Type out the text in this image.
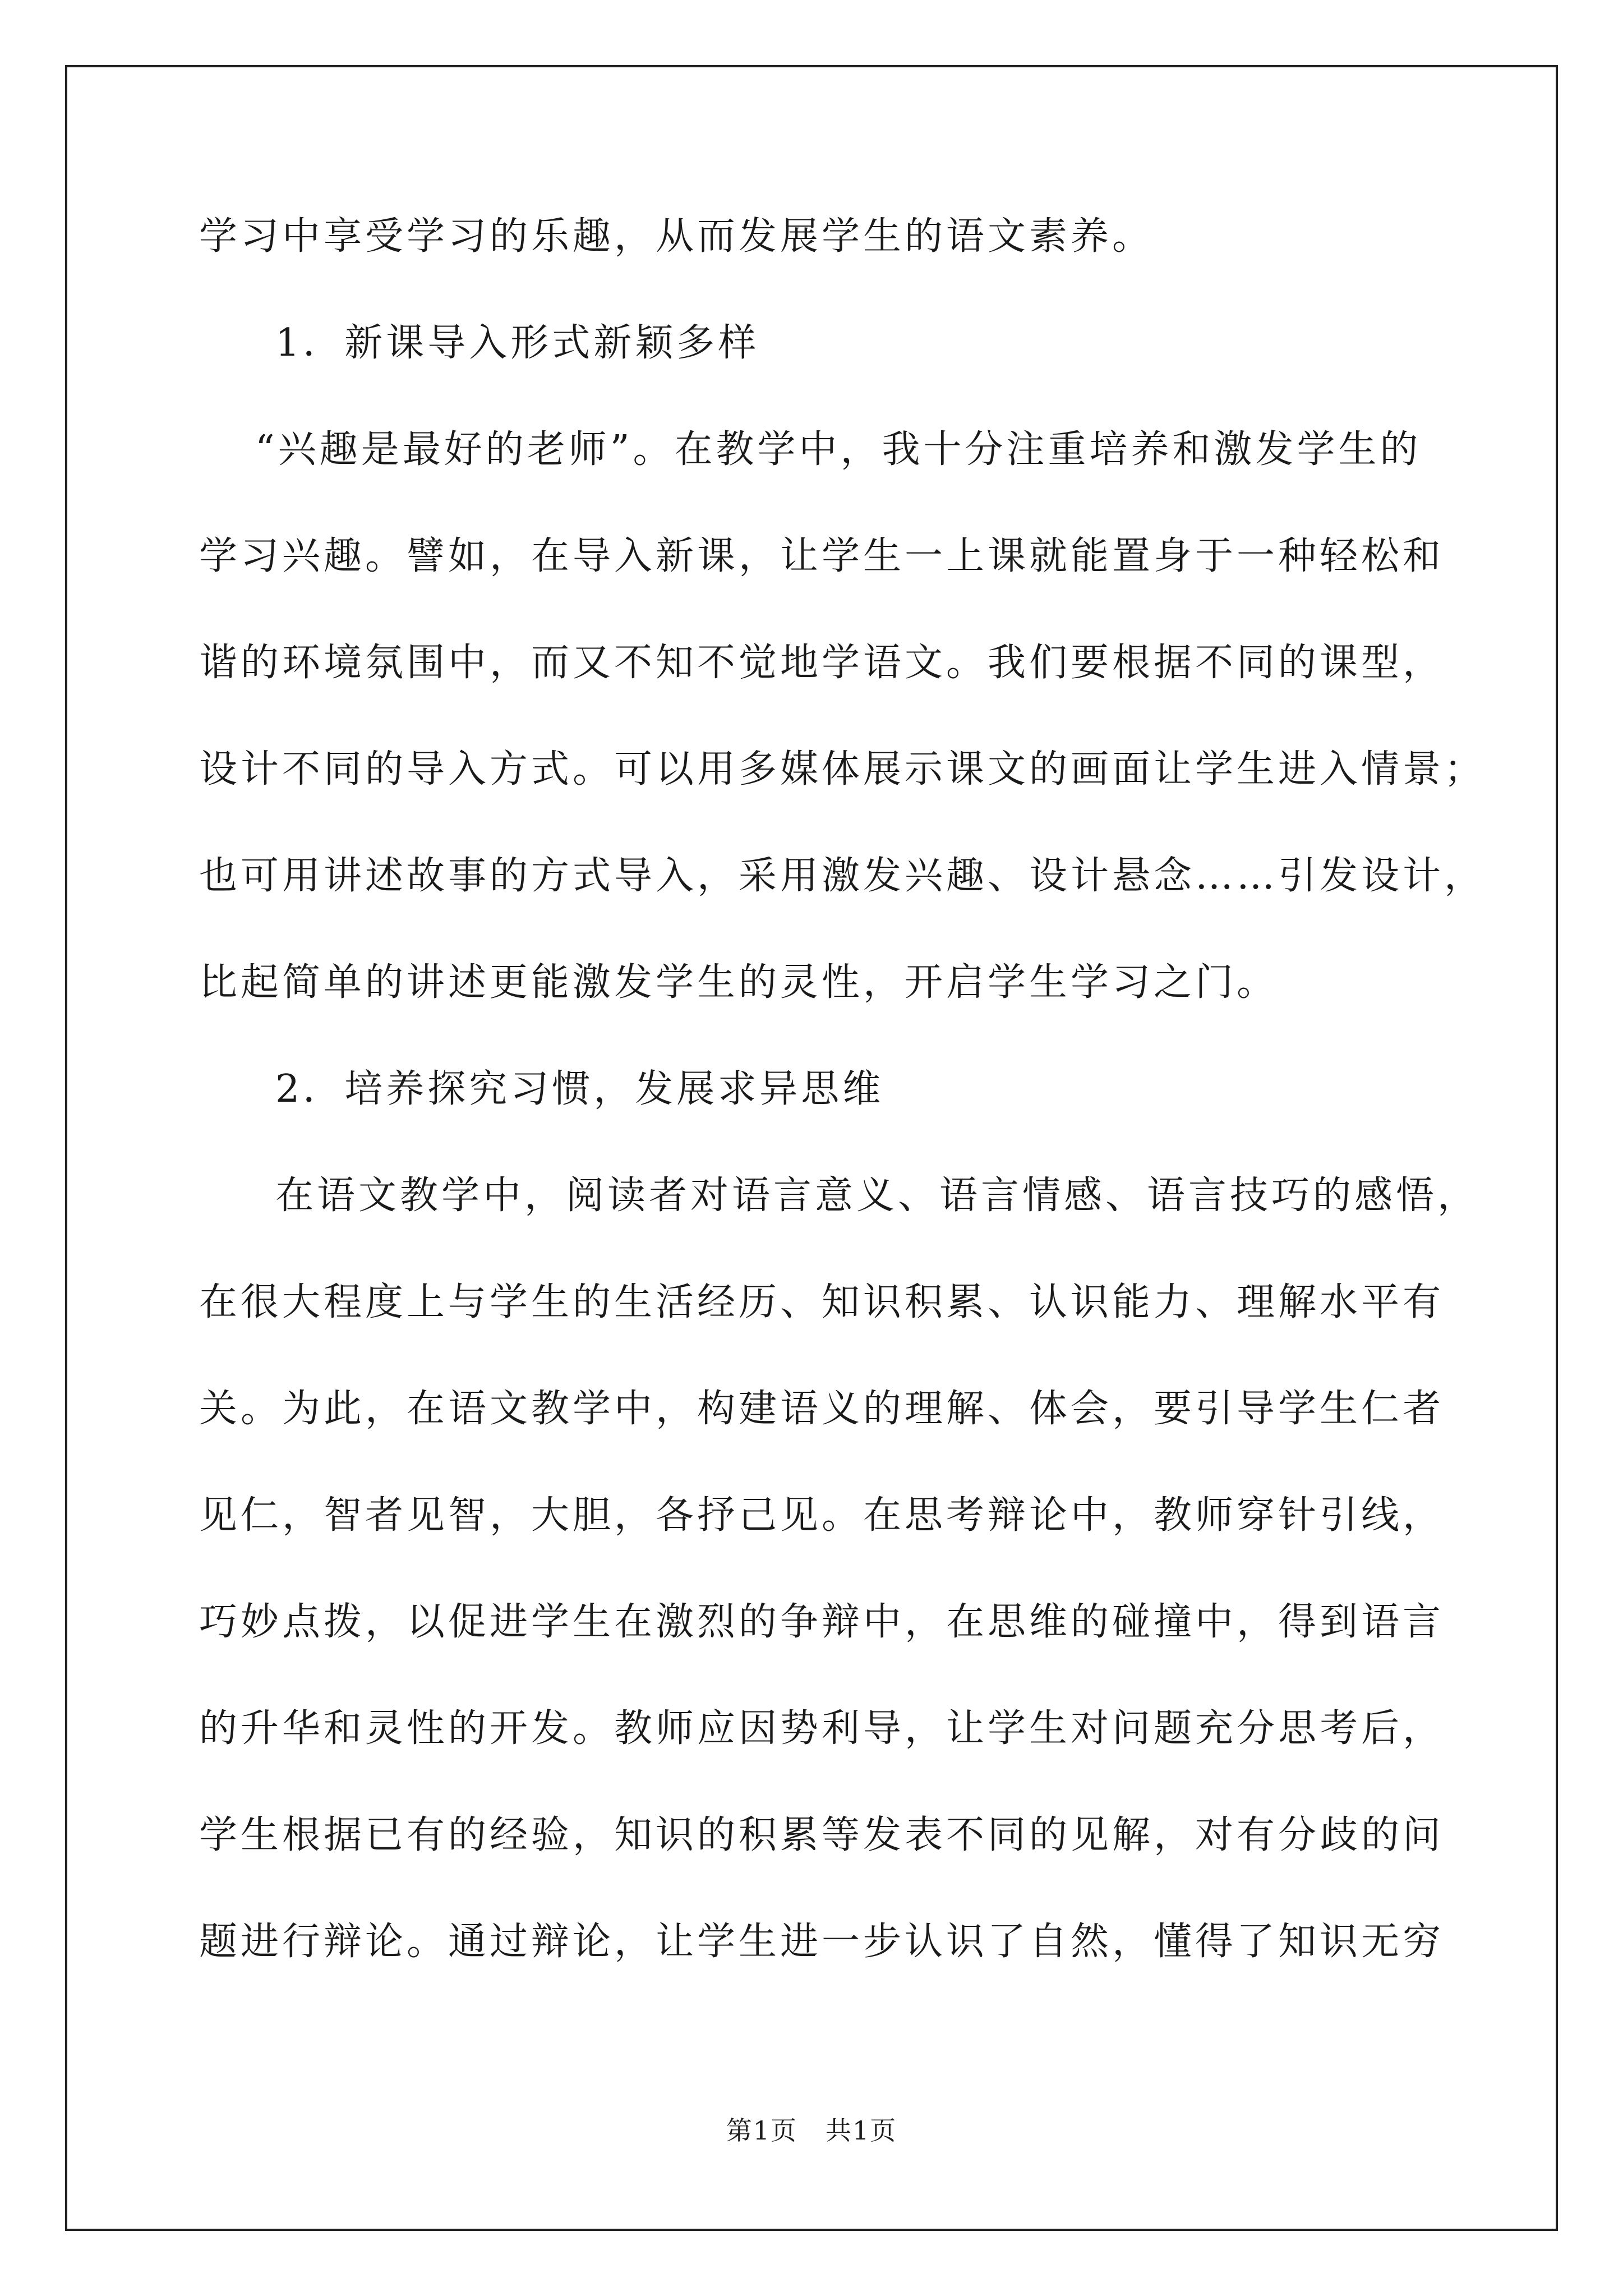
学习中享受学习的乐趣，从而发展学生的语文素养。
1．新课导入形式新颖多样
“兴趣是最好的老师”。在教学中，我十分注重培养和激发学生的
学习兴趣。譬如，在导入新课，让学生一上课就能置身于一种轻松和
谐的环境氛围中，而又不知不觉地学语文。我们要根据不同的课型，
设计不同的导入方式。可以用多媒体展示课文的画面让学生进入情景；
也可用讲述故事的方式导入，采用激发兴趣、设计悬念……引发设计，
比起简单的讲述更能激发学生的灵性，开启学生学习之门。
2．培养探究习惯，发展求异思维
在语文教学中，阅读者对语言意义、语言情感、语言技巧的感悟，
在很大程度上与学生的生活经历、知识积累、认识能力、理解水平有
关。为此，在语文教学中，构建语义的理解、体会，要引导学生仁者
见仁，智者见智，大胆，各抒己见。在思考辩论中，教师穿针引线，
巧妙点拨，以促进学生在激烈的争辩中，在思维的碰撞中，得到语言
的升华和灵性的开发。教师应因势利导，让学生对问题充分思考后，
学生根据已有的经验，知识的积累等发表不同的见解，对有分歧的问
题进行辩论。通过辩论，让学生进一步认识了自然，懂得了知识无穷
第1页 共1页
